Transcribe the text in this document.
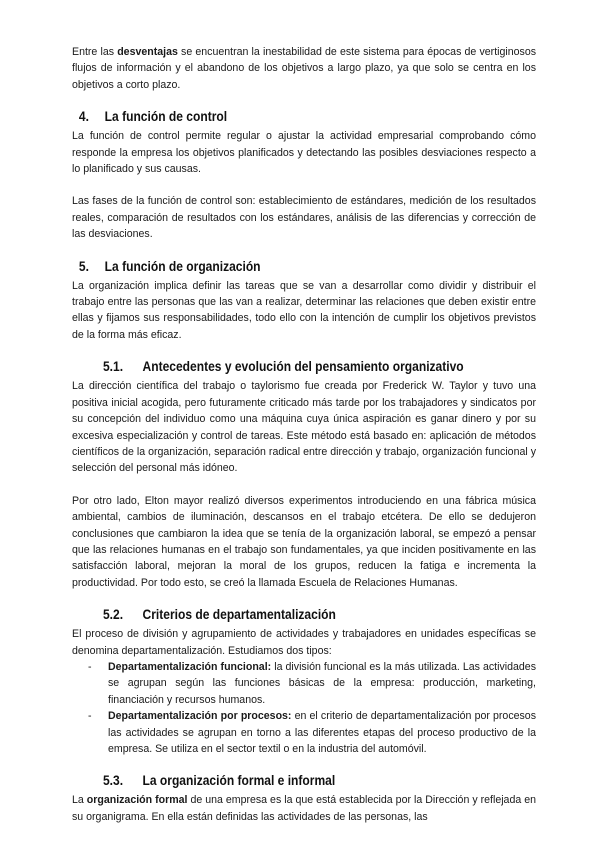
Entre las desventajas se encuentran la inestabilidad de este sistema para épocas de vertiginosos flujos de información y el abandono de los objetivos a largo plazo, ya que solo se centra en los objetivos a corto plazo.

4. La función de control

La función de control permite regular o ajustar la actividad empresarial comprobando cómo responde la empresa los objetivos planificados y detectando las posibles desviaciones respecto a lo planificado y sus causas.

Las fases de la función de control son: establecimiento de estándares, medición de los resultados reales, comparación de resultados con los estándares, análisis de las diferencias y corrección de las desviaciones.

5. La función de organización

La organización implica definir las tareas que se van a desarrollar como dividir y distribuir el trabajo entre las personas que las van a realizar, determinar las relaciones que deben existir entre ellas y fijamos sus responsabilidades, todo ello con la intención de cumplir los objetivos previstos de la forma más eficaz.

5.1. Antecedentes y evolución del pensamiento organizativo

La dirección científica del trabajo o taylorismo fue creada por Frederick W. Taylor y tuvo una positiva inicial acogida, pero futuramente criticado más tarde por los trabajadores y sindicatos por su concepción del individuo como una máquina cuya única aspiración es ganar dinero y por su excesiva especialización y control de tareas. Este método está basado en: aplicación de métodos científicos de la organización, separación radical entre dirección y trabajo, organización funcional y selección del personal más idóneo.

Por otro lado, Elton mayor realizó diversos experimentos introduciendo en una fábrica música ambiental, cambios de iluminación, descansos en el trabajo etcétera. De ello se dedujeron conclusiones que cambiaron la idea que se tenía de la organización laboral, se empezó a pensar que las relaciones humanas en el trabajo son fundamentales, ya que inciden positivamente en las satisfacción laboral, mejoran la moral de los grupos, reducen la fatiga e incrementa la productividad. Por todo esto, se creó la llamada Escuela de Relaciones Humanas.

5.2. Criterios de departamentalización

El proceso de división y agrupamiento de actividades y trabajadores en unidades específicas se denomina departamentalización. Estudiamos dos tipos:

- Departamentalización funcional: la división funcional es la más utilizada. Las actividades se agrupan según las funciones básicas de la empresa: producción, marketing, financiación y recursos humanos.
- Departamentalización por procesos: en el criterio de departamentalización por procesos las actividades se agrupan en torno a las diferentes etapas del proceso productivo de la empresa. Se utiliza en el sector textil o en la industria del automóvil.
5.3. La organización formal e informal

La organización formal de una empresa es la que está establecida por la Dirección y reflejada en su organigrama. En ella están definidas las actividades de las personas, las
